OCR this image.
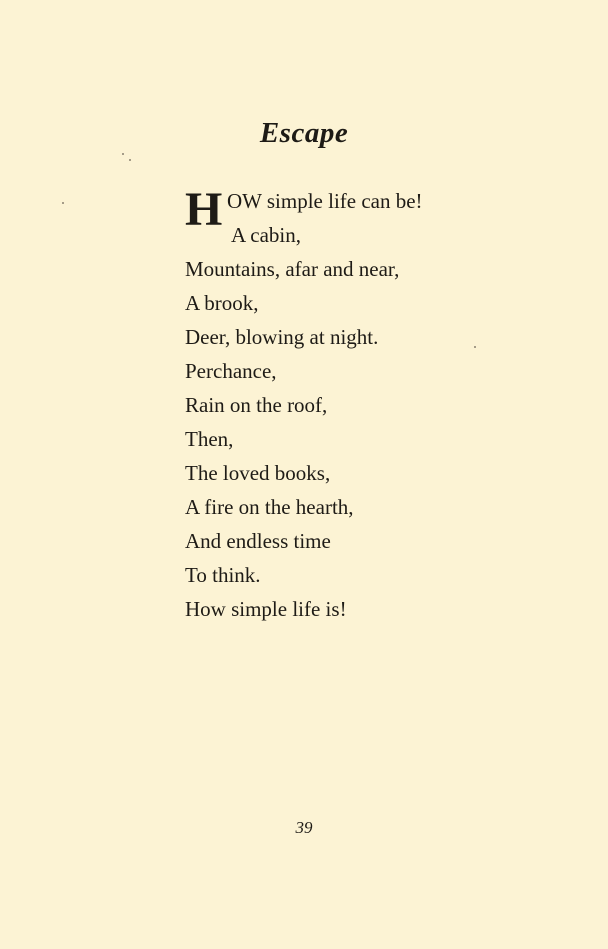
Escape
H OW simple life can be!
A cabin,
Mountains, afar and near,
A brook,
Deer, blowing at night.
Perchance,
Rain on the roof,
Then,
The loved books,
A fire on the hearth,
And endless time
To think.
How simple life is!
39
